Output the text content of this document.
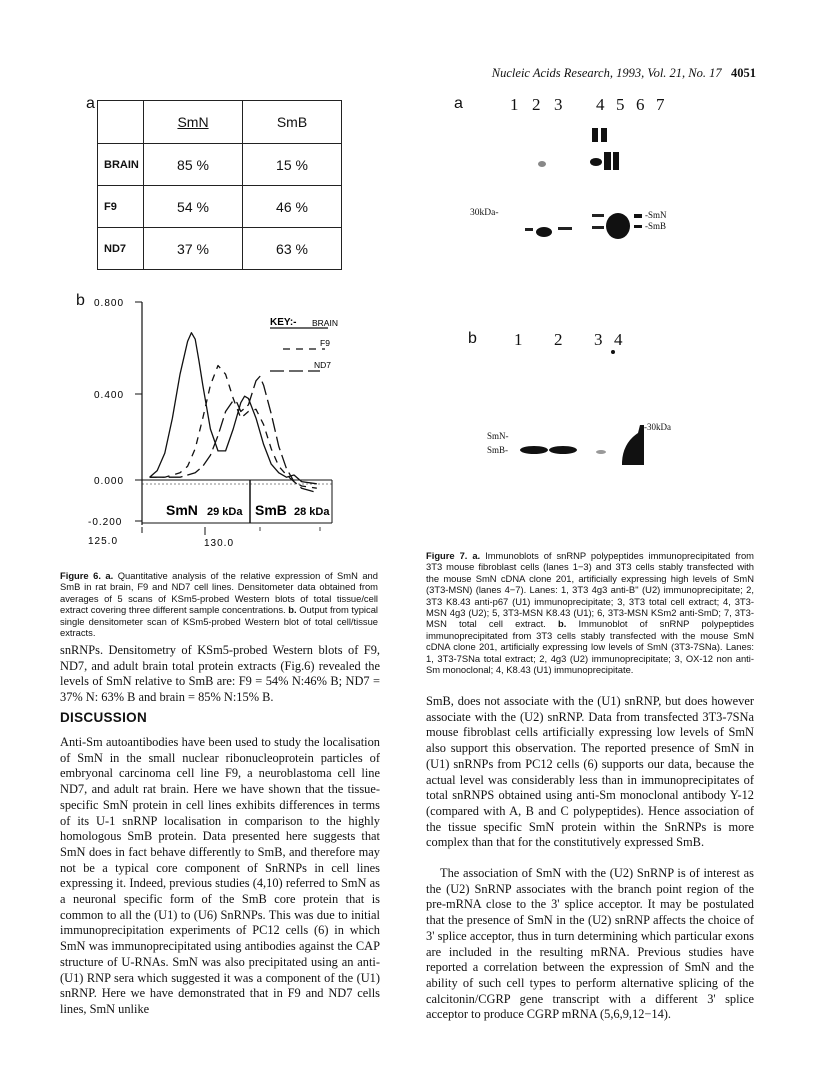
Nucleic Acids Research, 1993, Vol. 21, No. 17 4051
a
	SmN	SmB
BRAIN	85 %	15 %
F9	54 %	46 %
ND7	37 %	63 %
b 0.800
0.400
0.000
-0.200
125.0	130.0
SmN 29 kDa SmB 28 kDa
KEY:- BRAIN
F9
ND7
Figure 6. a. Quantitative analysis of the relative expression of SmN and SmB in rat brain, F9 and ND7 cell lines. Densitometer data obtained from averages of 5 scans of KSm5-probed Western blots of total tissue/cell extract covering three different sample concentrations. b. Output from typical single densitometer scan of KSm5-probed Western blot of total cell/tissue extracts.
snRNPs. Densitometry of KSm5-probed Western blots of F9, ND7, and adult brain total protein extracts (Fig.6) revealed the levels of SmN relative to SmB are: F9 = 54% N:46% B; ND7 = 37% N: 63% B and brain = 85% N:15% B.
DISCUSSION
Anti-Sm autoantibodies have been used to study the localisation of SmN in the small nuclear ribonucleoprotein particles of embryonal carcinoma cell line F9, a neuroblastoma cell line ND7, and adult rat brain. Here we have shown that the tissue-specific SmN protein in cell lines exhibits differences in terms of its U-1 snRNP localisation in comparison to the highly homologous SmB protein. Data presented here suggests that SmN does in fact behave differently to SmB, and therefore may not be a typical core component of SnRNPs in cell lines expressing it. Indeed, previous studies (4,10) referred to SmN as a neuronal specific form of the SmB core protein that is common to all the (U1) to (U6) SnRNPs. This was due to initial immunoprecipitation experiments of PC12 cells (6) in which SmN was immunoprecipitated using antibodies against the CAP structure of U-RNAs. SmN was also precipitated using an anti-(U1) RNP sera which suggested it was a component of the (U1) snRNP. Here we have demonstrated that in F9 and ND7 cells lines, SmN unlike
a	1 2 3 4 5 6 7
30kDa-	-SmN
-SmB
b 1 2 3 4
SmN-
SmB-
-30kDa
Figure 7. a. Immunoblots of snRNP polypeptides immunoprecipitated from 3T3 mouse fibroblast cells (lanes 1−3) and 3T3 cells stably transfected with the mouse SmN cDNA clone 201, artificially expressing high levels of SmN (3T3-MSN) (lanes 4−7). Lanes: 1, 3T3 4g3 anti-B'' (U2) immunoprecipitate; 2, 3T3 K8.43 anti-p67 (U1) immunoprecipitate; 3, 3T3 total cell extract; 4, 3T3-MSN 4g3 (U2); 5, 3T3-MSN K8.43 (U1); 6, 3T3-MSN KSm2 anti-SmD; 7, 3T3-MSN total cell extract. b. Immunoblot of snRNP polypeptides immunoprecipitated from 3T3 cells stably transfected with the mouse SmN cDNA clone 201, artificially expressing low levels of SmN (3T3-7SNa). Lanes: 1, 3T3-7SNa total extract; 2, 4g3 (U2) immunoprecipitate; 3, OX-12 non anti-Sm monoclonal; 4, K8.43 (U1) immunoprecipitate.
SmB, does not associate with the (U1) snRNP, but does however associate with the (U2) snRNP. Data from transfected 3T3-7SNa mouse fibroblast cells artificially expressing low levels of SmN also support this observation. The reported presence of SmN in (U1) snRNPs from PC12 cells (6) supports our data, because the actual level was considerably less than in immunoprecipitates of total snRNPS obtained using anti-Sm monoclonal antibody Y-12 (compared with A, B and C polypeptides). Hence association of the tissue specific SmN protein within the SnRNPs is more complex than that for the constitutively expressed SmB.
The association of SmN with the (U2) SnRNP is of interest as the (U2) SnRNP associates with the branch point region of the pre-mRNA close to the 3' splice acceptor. It may be postulated that the presence of SmN in the (U2) snRNP affects the choice of 3' splice acceptor, thus in turn determining which particular exons are included in the resulting mRNA. Previous studies have reported a correlation between the expression of SmN and the ability of such cell types to perform alternative splicing of the calcitonin/CGRP gene transcript with a different 3' splice acceptor to produce CGRP mRNA (5,6,9,12−14).
